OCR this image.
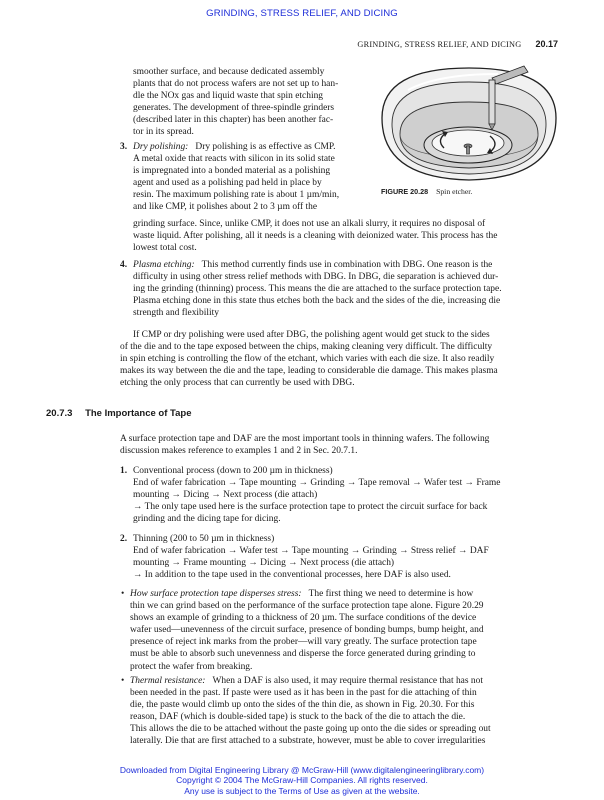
GRINDING, STRESS RELIEF, AND DICING
GRINDING, STRESS RELIEF, AND DICING 20.17
FIGURE 20.28 Spin etcher.
smoother surface, and because dedicated assembly
plants that do not process wafers are not set up to han-
dle the NOx gas and liquid waste that spin etching
generates. The development of three-spindle grinders
(described later in this chapter) has been another fac-
tor in its spread.
3. Dry polishing: Dry polishing is as effective as CMP.
A metal oxide that reacts with silicon in its solid state
is impregnated into a bonded material as a polishing
agent and used as a polishing pad held in place by
resin. The maximum polishing rate is about 1 µm/min,
and like CMP, it polishes about 2 to 3 µm off the
grinding surface. Since, unlike CMP, it does not use an alkali slurry, it requires no disposal of
waste liquid. After polishing, all it needs is a cleaning with deionized water. This process has the
lowest total cost.
4. Plasma etching: This method currently finds use in combination with DBG. One reason is the
difficulty in using other stress relief methods with DBG. In DBG, die separation is achieved dur-
ing the grinding (thinning) process. This means the die are attached to the surface protection tape.
Plasma etching done in this state thus etches both the back and the sides of the die, increasing die
strength and flexibility
If CMP or dry polishing were used after DBG, the polishing agent would get stuck to the sides
of the die and to the tape exposed between the chips, making cleaning very difficult. The difficulty
in spin etching is controlling the flow of the etchant, which varies with each die size. It also readily
makes its way between the die and the tape, leading to considerable die damage. This makes plasma
etching the only process that can currently be used with DBG.
20.7.3 The Importance of Tape
A surface protection tape and DAF are the most important tools in thinning wafers. The following
discussion makes reference to examples 1 and 2 in Sec. 20.7.1.
1. Conventional process (down to 200 µm in thickness)
End of wafer fabrication → Tape mounting → Grinding → Tape removal → Wafer test → Frame
mounting → Dicing → Next process (die attach)
→ The only tape used here is the surface protection tape to protect the circuit surface for back
grinding and the dicing tape for dicing.
2. Thinning (200 to 50 µm in thickness)
End of wafer fabrication → Wafer test → Tape mounting → Grinding → Stress relief → DAF
mounting → Frame mounting → Dicing → Next process (die attach)
→ In addition to the tape used in the conventional processes, here DAF is also used.
• How surface protection tape disperses stress: The first thing we need to determine is how
thin we can grind based on the performance of the surface protection tape alone. Figure 20.29
shows an example of grinding to a thickness of 20 µm. The surface conditions of the device
wafer used—unevenness of the circuit surface, presence of bonding bumps, bump height, and
presence of reject ink marks from the prober—will vary greatly. The surface protection tape
must be able to absorb such unevenness and disperse the force generated during grinding to
protect the wafer from breaking.
• Thermal resistance: When a DAF is also used, it may require thermal resistance that has not
been needed in the past. If paste were used as it has been in the past for die attaching of thin
die, the paste would climb up onto the sides of the thin die, as shown in Fig. 20.30. For this
reason, DAF (which is double-sided tape) is stuck to the back of the die to attach the die.
This allows the die to be attached without the paste going up onto the die sides or spreading out
laterally. Die that are first attached to a substrate, however, must be able to cover irregularities
Downloaded from Digital Engineering Library @ McGraw-Hill (www.digitalengineeringlibrary.com)
Copyright © 2004 The McGraw-Hill Companies. All rights reserved.
Any use is subject to the Terms of Use as given at the website.
